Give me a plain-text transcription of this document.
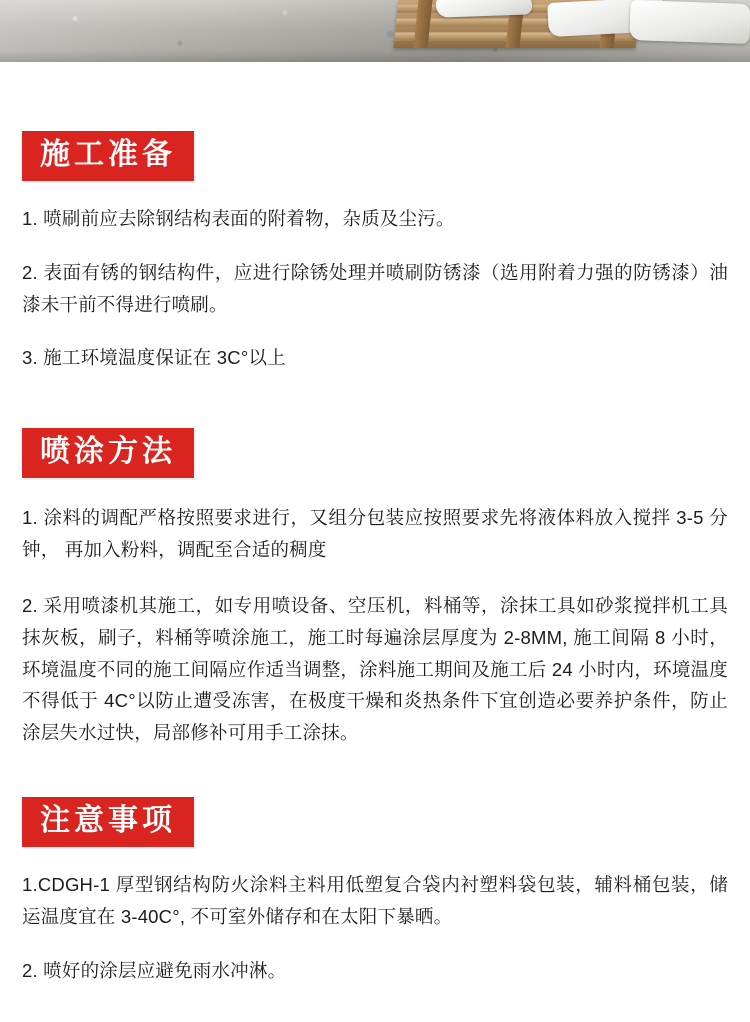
施工准备
1. 喷刷前应去除钢结构表面的附着物，杂质及尘污。
2. 表面有锈的钢结构件，应进行除锈处理并喷刷防锈漆（选用附着力强的防锈漆）油漆未干前不得进行喷刷。
3. 施工环境温度保证在 3C°以上
喷涂方法
1. 涂料的调配严格按照要求进行，又组分包装应按照要求先将液体料放入搅拌 3-5 分钟， 再加入粉料，调配至合适的稠度
2. 采用喷漆机其施工，如专用喷设备、空压机，料桶等，涂抹工具如砂浆搅拌机工具抹灰板，刷子，料桶等喷涂施工，施工时每遍涂层厚度为 2-8MM, 施工间隔 8 小时，环境温度不同的施工间隔应作适当调整，涂料施工期间及施工后 24 小时内，环境温度不得低于 4C°以防止遭受冻害，在极度干燥和炎热条件下宜创造必要养护条件，防止涂层失水过快，局部修补可用手工涂抹。
注意事项
1.CDGH-1 厚型钢结构防火涂料主料用低塑复合袋内衬塑料袋包装，辅料桶包装，储运温度宜在 3-40C°, 不可室外储存和在太阳下暴晒。
2. 喷好的涂层应避免雨水冲淋。
